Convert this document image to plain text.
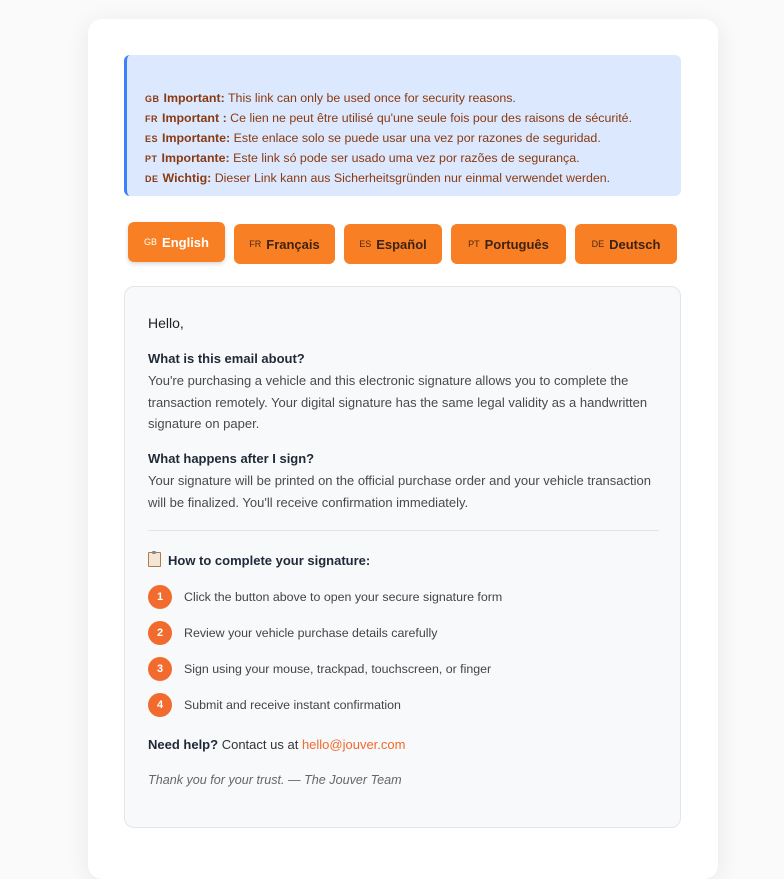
GB Important: This link can only be used once for security reasons.
FR Important : Ce lien ne peut être utilisé qu'une seule fois pour des raisons de sécurité.
ES Importante: Este enlace solo se puede usar una vez por razones de seguridad.
PT Importante: Este link só pode ser usado uma vez por razões de segurança.
DE Wichtig: Dieser Link kann aus Sicherheitsgründen nur einmal verwendet werden.
GB English	FR Français	ES Español	PT Português	DE Deutsch
Hello,
What is this email about?
You're purchasing a vehicle and this electronic signature allows you to complete the transaction remotely. Your digital signature has the same legal validity as a handwritten signature on paper.
What happens after I sign?
Your signature will be printed on the official purchase order and your vehicle transaction will be finalized. You'll receive confirmation immediately.
How to complete your signature:
1	Click the button above to open your secure signature form
2	Review your vehicle purchase details carefully
3	Sign using your mouse, trackpad, touchscreen, or finger
4	Submit and receive instant confirmation
Need help? Contact us at hello@jouver.com
Thank you for your trust. — The Jouver Team
